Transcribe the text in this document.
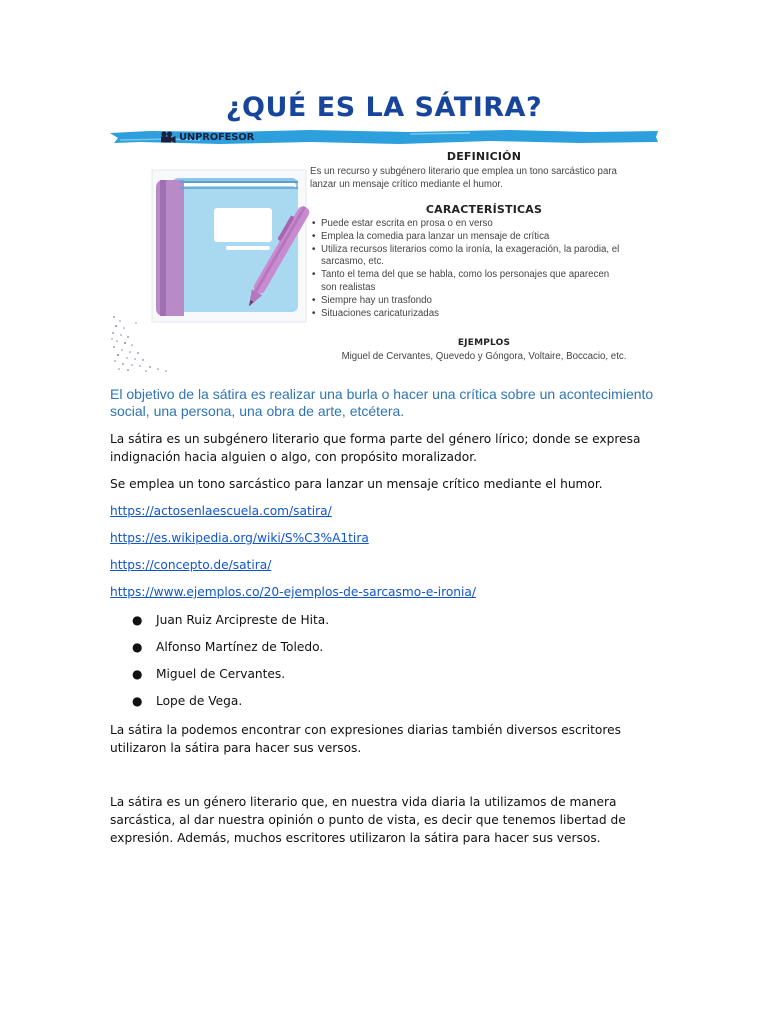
¿QUÉ ES LA SÁTIRA?
UNPROFESOR
DEFINICIÓN
Es un recurso y subgénero literario que emplea un tono sarcástico para
lanzar un mensaje crítico mediante el humor.
CARACTERÍSTICAS
• Puede estar escrita en prosa o en verso
• Emplea la comedia para lanzar un mensaje de crítica
• Utiliza recursos literarios como la ironía, la exageración, la parodia, el
sarcasmo, etc.
• Tanto el tema del que se habla, como los personajes que aparecen
son realistas
• Siempre hay un trasfondo
• Situaciones caricaturizadas
EJEMPLOS
Miguel de Cervantes, Quevedo y Góngora, Voltaire, Boccacio, etc.
El objetivo de la sátira es realizar una burla o hacer una crítica sobre un acontecimiento social, una persona, una obra de arte, etcétera.
La sátira es un subgénero literario que forma parte del género lírico; donde se expresa indignación hacia alguien o algo, con propósito moralizador.
Se emplea un tono sarcástico para lanzar un mensaje crítico mediante el humor.
https://actosenlaescuela.com/satira/
https://es.wikipedia.org/wiki/S%C3%A1tira
https://concepto.de/satira/
https://www.ejemplos.co/20-ejemplos-de-sarcasmo-e-ironia/
● Juan Ruiz Arcipreste de Hita.
● Alfonso Martínez de Toledo.
● Miguel de Cervantes.
● Lope de Vega.
La sátira la podemos encontrar con expresiones diarias también diversos escritores utilizaron la sátira para hacer sus versos.
La sátira es un género literario que, en nuestra vida diaria la utilizamos de manera sarcástica, al dar nuestra opinión o punto de vista, es decir que tenemos libertad de expresión. Además, muchos escritores utilizaron la sátira para hacer sus versos.
